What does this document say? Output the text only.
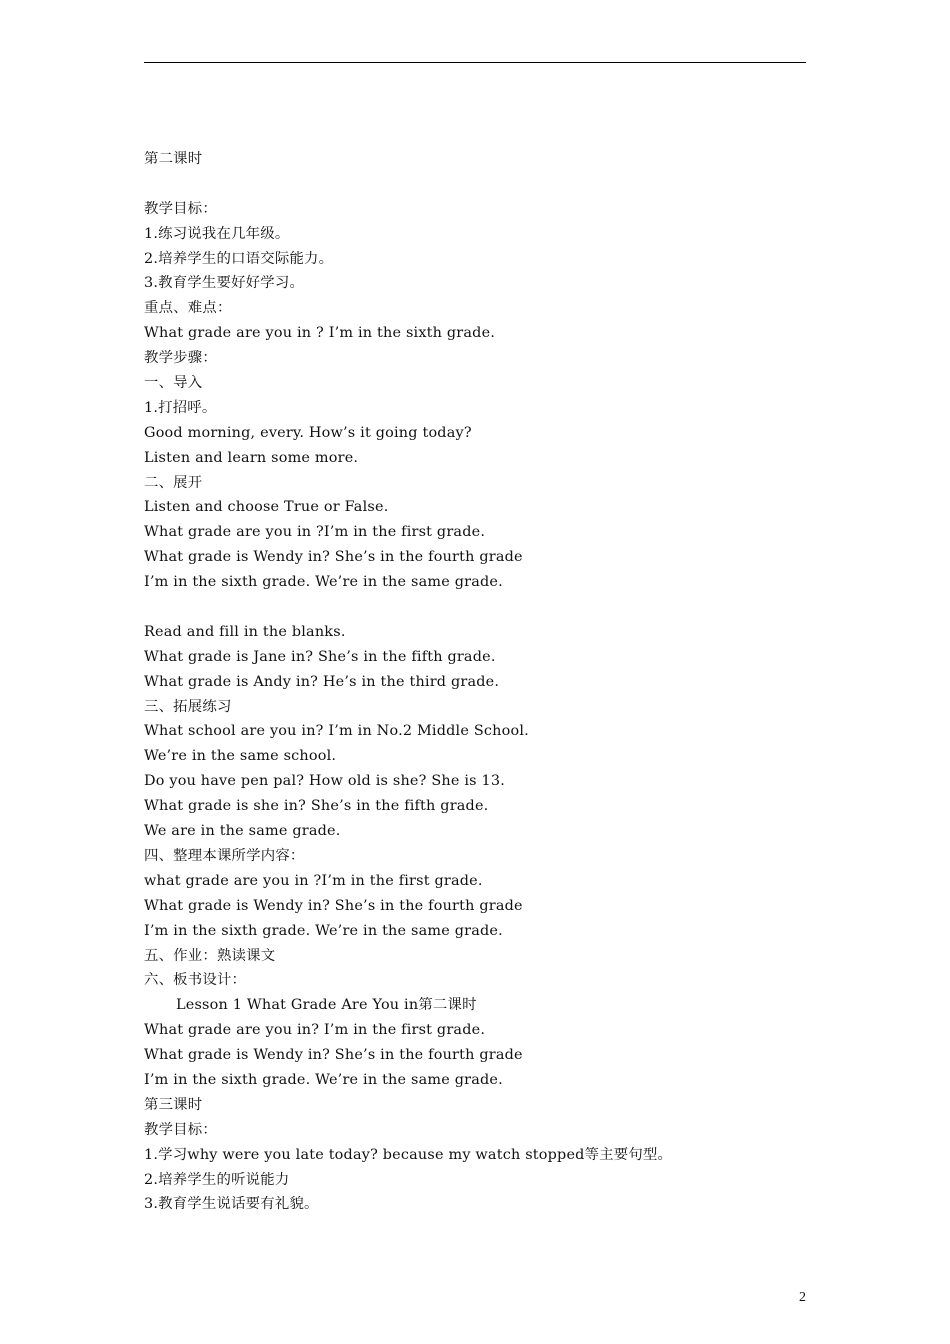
第二课时
教学目标：
1.练习说我在几年级。
2.培养学生的口语交际能力。
3.教育学生要好好学习。
重点、难点：
What grade are you in ? I’m in the sixth grade.
教学步骤：
一、导入
1.打招呼。
Good morning, every. How’s it going today?
Listen and learn some more.
二、展开
Listen and choose True or False.
What grade are you in ?I’m in the first grade.
What grade is Wendy in? She’s in the fourth grade
I’m in the sixth grade. We’re in the same grade.
Read and fill in the blanks.
What grade is Jane in? She’s in the fifth grade.
What grade is Andy in? He’s in the third grade.
三、拓展练习
What school are you in? I’m in No.2 Middle School.
We’re in the same school.
Do you have pen pal? How old is she? She is 13.
What grade is she in? She’s in the fifth grade.
We are in the same grade.
四、整理本课所学内容：
what grade are you in ?I’m in the first grade.
What grade is Wendy in? She’s in the fourth grade
I’m in the sixth grade. We’re in the same grade.
五、作业：熟读课文
六、板书设计：
Lesson 1 What Grade Are You in第二课时
What grade are you in? I’m in the first grade.
What grade is Wendy in? She’s in the fourth grade
I’m in the sixth grade. We’re in the same grade.
第三课时
教学目标：
1.学习why were you late today? because my watch stopped等主要句型。
2.培养学生的听说能力
3.教育学生说话要有礼貌。
2
